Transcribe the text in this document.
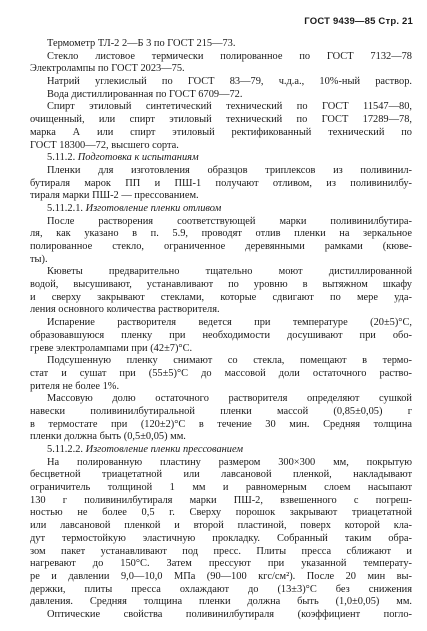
ГОСТ 9439—85 Стр. 21
Термометр ТЛ-2 2—Б 3 по ГОСТ 215—73.
Стекло листовое термически полированное по ГОСТ 7132—78
Электролампы по ГОСТ 2023—75.
Натрий углекислый по ГОСТ 83—79, ч.д.а., 10%-ный раствор.
Вода дистиллированная по ГОСТ 6709—72.
Спирт этиловый синтетический технический по ГОСТ 11547—80,
очищенный, или спирт этиловый технический по ГОСТ 17289—78,
марка А или спирт этиловый ректификованный технический по
ГОСТ 18300—72, высшего сорта.
5.11.2. Подготовка к испытаниям
Пленки для изготовления образцов триплексов из поливинил-
бутираля марок ПП и ПШ-1 получают отливом, из поливинилбу-
тираля марки ПШ-2 — прессованием.
5.11.2.1. Изготовление пленки отливом
После растворения соответствующей марки поливинилбутира-
ля, как указано в п. 5.9, проводят отлив пленки на зеркальное
полированное стекло, ограниченное деревянными рамками (кюве-
ты).
Кюветы предварительно тщательно моют дистиллированной
водой, высушивают, устанавливают по уровню в вытяжном шкафу
и сверху закрывают стеклами, которые сдвигают по мере уда-
ления основного количества растворителя.
Испарение растворителя ведется при температуре (20±5)°С,
образовавшуюся пленку при необходимости досушивают при обо-
греве электролампами при (42±7)°С.
Подсушенную пленку снимают со стекла, помещают в термо-
стат и сушат при (55±5)°С до массовой доли остаточного раство-
рителя не более 1%.
Массовую долю остаточного растворителя определяют сушкой
навески поливинилбутиральной пленки массой (0,85±0,05) г
в термостате при (120±2)°С в течение 30 мин. Средняя толщина
пленки должна быть (0,5±0,05) мм.
5.11.2.2. Изготовление пленки прессованием
На полированную пластину размером 300×300 мм, покрытую
бесцветной триацетатной или лавсановой пленкой, накладывают
ограничитель толщиной 1 мм и равномерным слоем насыпают
130 г поливинилбутираля марки ПШ-2, взвешенного с погреш-
ностью не более 0,5 г. Сверху порошок закрывают триацетатной
или лавсановой пленкой и второй пластиной, поверх которой кла-
дут термостойкую эластичную прокладку. Собранный таким обра-
зом пакет устанавливают под пресс. Плиты пресса сближают и
нагревают до 150°С. Затем прессуют при указанной температу-
ре и давлении 9,0—10,0 МПа (90—100 кгс/см²). После 20 мин вы-
держки, плиты пресса охлаждают до (13±3)°С без снижения
давления. Средняя толщина пленки должна быть (1,0±0,05) мм.
Оптические свойства поливинилбутираля (коэффициент погло-
